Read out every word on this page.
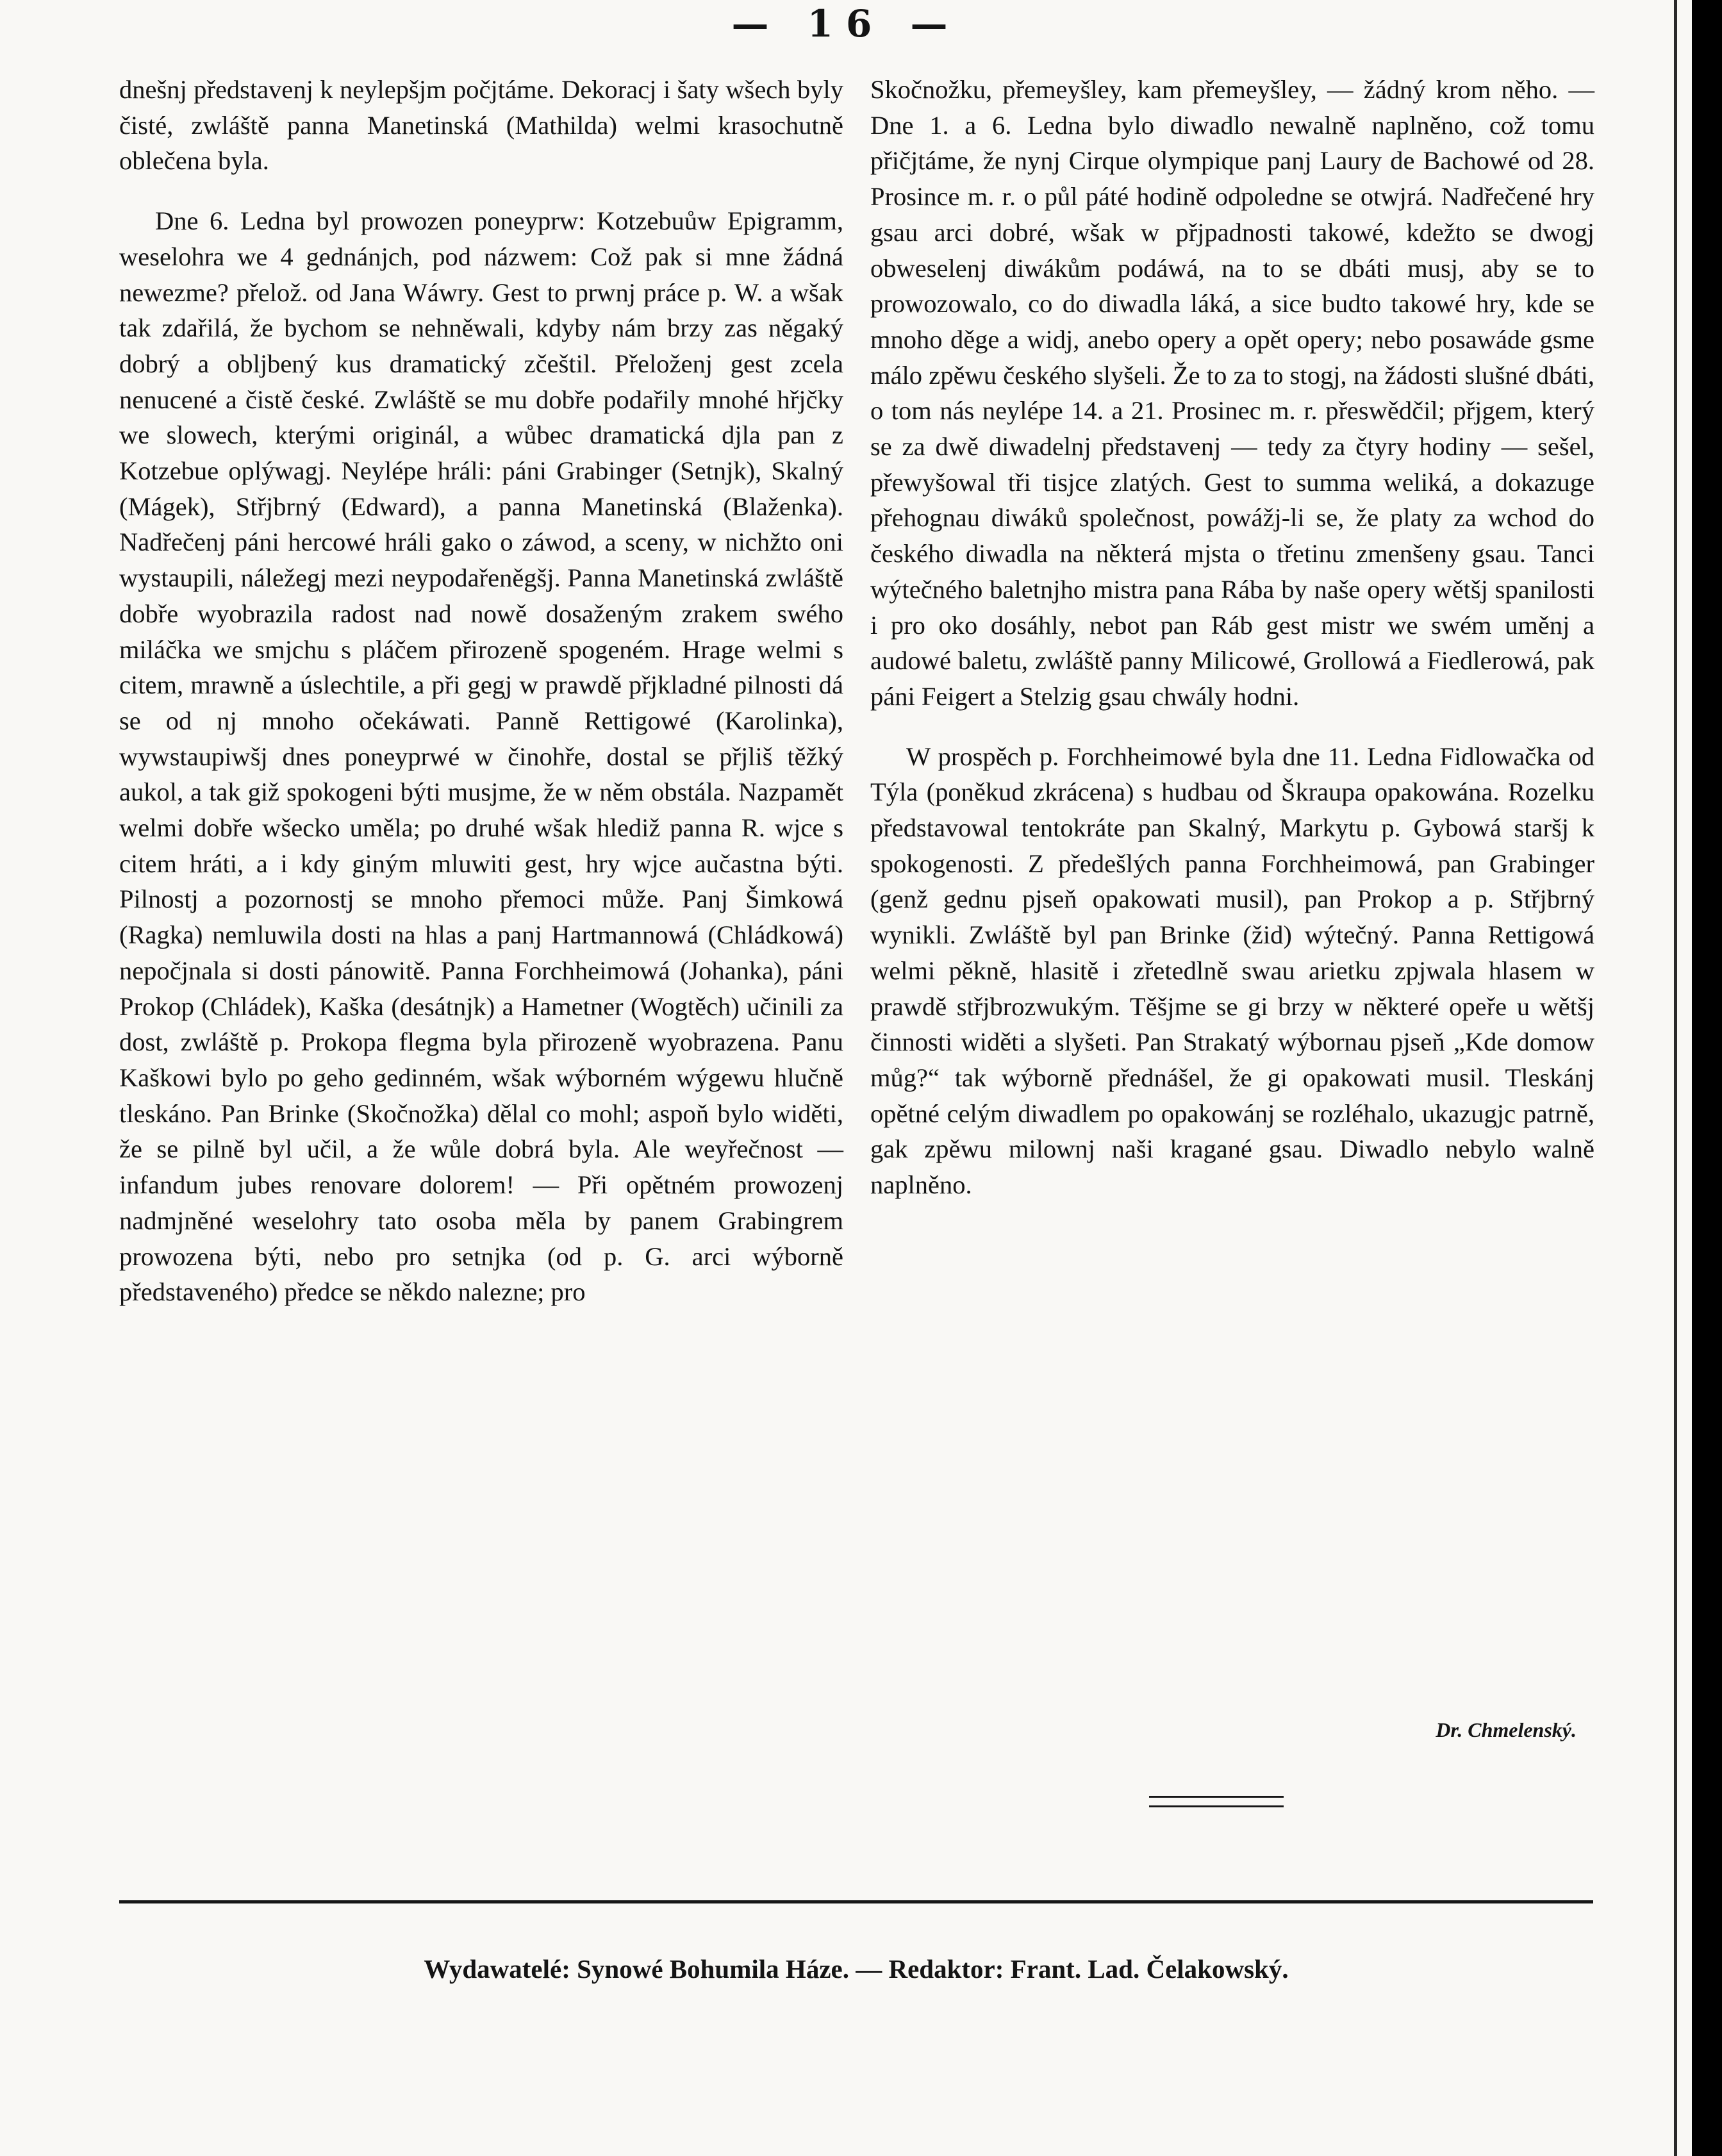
— 16 —

dnešnj představenj k neylepšjm počjtáme. Dekoracj i šaty wšech byly čisté, zwláště panna Manetinská (Mathilda) welmi krasochutně oblečena byla.

Dne 6. Ledna byl prowozen poneyprw: Kotzebuůw Epigramm, weselohra we 4 gednánjch, pod názwem: Což pak si mne žádná newezme? přelož. od Jana Wáwry. Gest to prwnj práce p. W. a wšak tak zdařilá, že bychom se nehněwali, kdyby nám brzy zas něgaký dobrý a obljbený kus dramatický zčeštil. Přeloženj gest zcela nenucené a čistě české. Zwláště se mu dobře podařily mnohé hřjčky we slowech, kterými originál, a wůbec dramatická djla pan z Kotzebue oplýwagj. Neylépe hráli: páni Grabinger (Setnjk), Skalný (Mágek), Střjbrný (Edward), a panna Manetinská (Blaženka). Nadřečenj páni hercowé hráli gako o záwod, a sceny, w nichžto oni wystaupili, náležegj mezi neypodařeněgšj. Panna Manetinská zwláště dobře wyobrazila radost nad nowě dosaženým zrakem swého miláčka we smjchu s pláčem přirozeně spogeném. Hrage welmi s citem, mrawně a úslechtile, a při gegj w prawdě přjkladné pilnosti dá se od nj mnoho očekáwati. Panně Rettigowé (Karolinka), wywstaupiwšj dnes poneyprwé w činohře, dostal se přjliš těžký aukol, a tak giž spokogeni býti musjme, že w něm obstála. Nazpamět welmi dobře wšecko uměla; po druhé wšak hlediž panna R. wjce s citem hráti, a i kdy giným mluwiti gest, hry wjce aučastna býti. Pilnostj a pozornostj se mnoho přemoci může. Panj Šimkowá (Ragka) nemluwila dosti na hlas a panj Hartmannowá (Chládkowá) nepočjnala si dosti pánowitě. Panna Forchheimowá (Johanka), páni Prokop (Chládek), Kaška (desátnjk) a Hametner (Wogtěch) učinili za dost, zwláště p. Prokopa flegma byla přirozeně wyobrazena. Panu Kaškowi bylo po geho gedinném, wšak wýborném wýgewu hlučně tleskáno. Pan Brinke (Skočnožka) dělal co mohl; aspoň bylo widěti, že se pilně byl učil, a že wůle dobrá byla. Ale weyřečnost — infandum jubes renovare dolorem! — Při opětném prowozenj nadmjněné weselohry tato osoba měla by panem Grabingrem prowozena býti, nebo pro setnjka (od p. G. arci wýborně představeného) předce se někdo nalezne; pro

Skočnožku, přemeyšley, kam přemeyšley, — žádný krom něho. — Dne 1. a 6. Ledna bylo diwadlo newalně naplněno, což tomu přičjtáme, že nynj Cirque olympique panj Laury de Bachowé od 28. Prosince m. r. o půl páté hodině odpoledne se otwjrá. Nadřečené hry gsau arci dobré, wšak w přjpadnosti takowé, kdežto se dwogj obweselenj diwákům podáwá, na to se dbáti musj, aby se to prowozowalo, co do diwadla láká, a sice budto takowé hry, kde se mnoho děge a widj, anebo opery a opět opery; nebo posawáde gsme málo zpěwu českého slyšeli. Že to za to stogj, na žádosti slušné dbáti, o tom nás neylépe 14. a 21. Prosinec m. r. přeswědčil; přjgem, který se za dwě diwadelnj představenj — tedy za čtyry hodiny — sešel, přewyšowal tři tisjce zlatých. Gest to summa weliká, a dokazuge přehognau diwáků společnost, powážj-li se, že platy za wchod do českého diwadla na některá mjsta o třetinu zmenšeny gsau. Tanci wýtečného baletnjho mistra pana Rába by naše opery wětšj spanilosti i pro oko dosáhly, nebot pan Ráb gest mistr we swém uměnj a audowé baletu, zwláště panny Milicowé, Grollowá a Fiedlerowá, pak páni Feigert a Stelzig gsau chwály hodni.

W prospěch p. Forchheimowé byla dne 11. Ledna Fidlowačka od Týla (poněkud zkrácena) s hudbau od Škraupa opakowána. Rozelku představowal tentokráte pan Skalný, Markytu p. Gybowá staršj k spokogenosti. Z předešlých panna Forchheimowá, pan Grabinger (genž gednu pjseň opakowati musil), pan Prokop a p. Střjbrný wynikli. Zwláště byl pan Brinke (žid) wýtečný. Panna Rettigowá welmi pěkně, hlasitě i zřetedlně swau arietku zpjwala hlasem w prawdě střjbrozwukým. Těšjme se gi brzy w některé opeře u wětšj činnosti widěti a slyšeti. Pan Strakatý wýbornau pjseň „Kde domow můg?“ tak wýborně přednášel, že gi opakowati musil. Tleskánj opětné celým diwadlem po opakowánj se rozléhalo, ukazugjc patrně, gak zpěwu milownj naši kragané gsau. Diwadlo nebylo walně naplněno.

Dr. Chmelenský.
Wydawatelé: Synowé Bohumila Háze. — Redaktor: Frant. Lad. Čelakowský.
